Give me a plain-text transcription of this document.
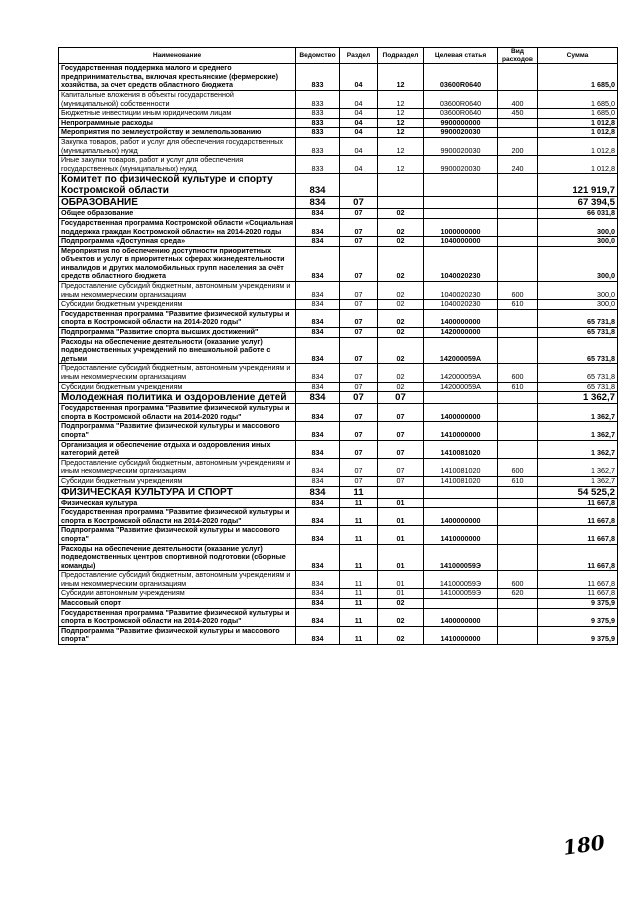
Наименование	Ведомство	Раздел	Подраздел	Целевая статья	Вид расходов	Сумма
Государственная поддержка малого и среднего предпринимательства, включая крестьянские (фермерские) хозяйства, за счет средств областного бюджета	833	04	12	03600R0640		1 685,0
Капитальные вложения в объекты государственной (муниципальной) собственности	833	04	12	03600R0640	400	1 685,0
Бюджетные инвестиции иным юридическим лицам	833	04	12	03600R0640	450	1 685,0
Непрограммные расходы	833	04	12	9900000000		1 012,8
Мероприятия по землеустройству и землепользованию	833	04	12	9900020030		1 012,8
Закупка товаров, работ и услуг для обеспечения государственных (муниципальных) нужд	833	04	12	9900020030	200	1 012,8
Иные закупки товаров, работ и услуг для обеспечения государственных (муниципальных) нужд	833	04	12	9900020030	240	1 012,8
Комитет по физической культуре и спорту Костромской области	834					121 919,7
ОБРАЗОВАНИЕ	834	07				67 394,5
Общее образование	834	07	02			66 031,8
Государственная программа Костромской области «Социальная поддержка граждан Костромской области» на 2014-2020 годы	834	07	02	1000000000		300,0
Подпрограмма «Доступная среда»	834	07	02	1040000000		300,0
Мероприятия по обеспечению доступности приоритетных объектов и услуг в приоритетных сферах жизнедеятельности инвалидов и других маломобильных групп населения за счёт средств областного бюджета	834	07	02	1040020230		300,0
Предоставление субсидий бюджетным, автономным учреждениям и иным некоммерческим организациям	834	07	02	1040020230	600	300,0
Субсидии бюджетным учреждениям	834	07	02	1040020230	610	300,0
Государственная программа "Развитие физической культуры и спорта в Костромской области на 2014-2020 годы"	834	07	02	1400000000		65 731,8
Подпрограмма "Развитие спорта высших достижений"	834	07	02	1420000000		65 731,8
Расходы на обеспечение деятельности (оказание услуг) подведомственных учреждений по внешкольной работе с детьми	834	07	02	142000059А		65 731,8
Предоставление субсидий бюджетным, автономным учреждениям и иным некоммерческим организациям	834	07	02	142000059А	600	65 731,8
Субсидии бюджетным учреждениям	834	07	02	142000059А	610	65 731,8
Молодежная политика и оздоровление детей	834	07	07			1 362,7
Государственная программа "Развитие физической культуры и спорта в Костромской области на 2014-2020 годы"	834	07	07	1400000000		1 362,7
Подпрограмма "Развитие физической культуры и массового спорта"	834	07	07	1410000000		1 362,7
Организация и обеспечение отдыха и оздоровления иных категорий детей	834	07	07	1410081020		1 362,7
Предоставление субсидий бюджетным, автономным учреждениям и иным некоммерческим организациям	834	07	07	1410081020	600	1 362,7
Субсидии бюджетным учреждениям	834	07	07	1410081020	610	1 362,7
ФИЗИЧЕСКАЯ КУЛЬТУРА И СПОРТ	834	11				54 525,2
Физическая культура	834	11	01			11 667,8
Государственная программа "Развитие физической культуры и спорта в Костромской области на 2014-2020 годы"	834	11	01	1400000000		11 667,8
Подпрограмма "Развитие физической культуры и массового спорта"	834	11	01	1410000000		11 667,8
Расходы на обеспечение деятельности (оказание услуг) подведомственных центров спортивной подготовки (сборные команды)	834	11	01	141000059Э		11 667,8
Предоставление субсидий бюджетным, автономным учреждениям и иным некоммерческим организациям	834	11	01	141000059Э	600	11 667,8
Субсидии автономным учреждениям	834	11	01	141000059Э	620	11 667,8
Массовый спорт	834	11	02			9 375,9
Государственная программа "Развитие физической культуры и спорта в Костромской области на 2014-2020 годы"	834	11	02	1400000000		9 375,9
Подпрограмма "Развитие физической культуры и массового спорта"	834	11	02	1410000000		9 375,9
180
